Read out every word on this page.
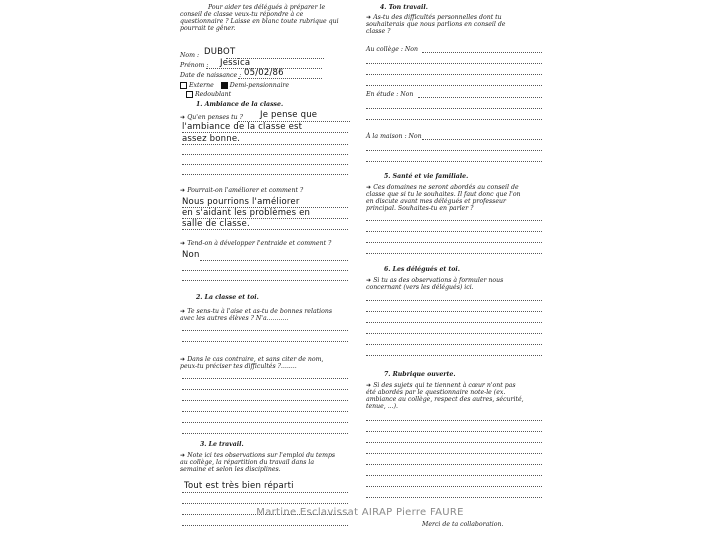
Pour aider tes délégués à préparer le
conseil de classe veux-tu répondre à ce
questionnaire ? Laisse en blanc toute rubrique qui
pourrait te gêner.
Nom : DUBOT
Prénom : Jessica
Date de naissance : 05/02/86
Externe	Demi-pensionnaire
Redoublant
1. Ambiance de la classe.
➜ Qu'en penses tu ? Je pense que
l'ambiance de la classe est
assez bonne.
➜ Pourrait-on l'améliorer et comment ?
Nous pourrions l'améliorer
en s'aidant les problèmes en
salle de classe.
➜ Tend-on à développer l'entraide et comment ?
Non
2. La classe et toi.
➜ Te sens-tu à l'aise et as-tu de bonnes relations
avec les autres élèves ? N'a...........
➜ Dans le cas contraire, et sans citer de nom,
peux-tu préciser tes difficultés ?........
3. Le travail.
➜ Note ici tes observations sur l'emploi du temps
au collège, la répartition du travail dans la
semaine et selon les disciplines.
Tout est très bien réparti
4. Ton travail.
➜ As-tu des difficultés personnelles dont tu
souhaiterais que nous parlions en conseil de
classe ?
Au collège : Non
En étude : Non
À la maison : Non
5. Santé et vie familiale.
➜ Ces domaines ne seront abordés au conseil de
classe que si tu le souhaites. Il faut donc que l'on
en discute avant mes délégués et professeur
principal. Souhaites-tu en parler ?
6. Les délégués et toi.
➜ Si tu as des observations à formuler nous
concernant (vers les délégués) ici.
7. Rubrique ouverte.
➜ Si des sujets qui te tiennent à cœur n'ont pas
été abordés par le questionnaire note-le (ex.
ambiance au collège, respect des autres, sécurité,
tenue, ...).
Merci de ta collaboration.
Martine Esclavissat AIRAP Pierre FAURE
